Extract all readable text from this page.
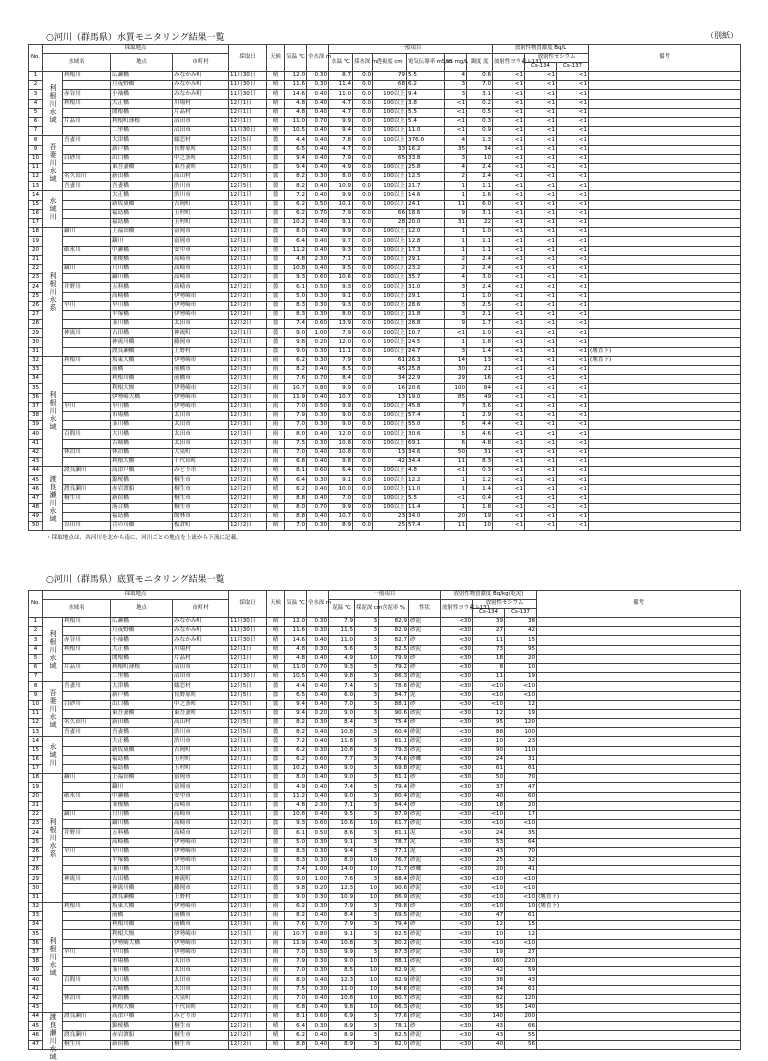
（別紙）
○河川（群馬県）水質モニタリング結果一覧
No.	採取地点				採取日	天候	気温 ℃	全水深 m	一般項目						放射性物質濃度 Bq/L			備考
	水域名		地点	市町村					水温 ℃	採水深 m	透視度 cm	電気伝導率 mS/m	SS mg/L	濁度 度	放射性ヨウ素 I-131	放射性セシウム		
																Cs-134	Cs-137	
1	利根川水域	利根川	広瀬橋	みなかみ町	11月30日	晴	12.0	0.30	8.7	0.0	79	5.5	4	0.6	<1	<1	<1	
2			月夜野橋	みなかみ町	11月30日	晴	11.6	0.30	11.4	0.0	68	6.2	3	7.0	<1	<1	<1	
3		赤谷川	小袖橋	みなかみ町	11月30日	晴	14.6	0.40	11.0	0.0	100以上	9.4	3	3.1	<1	<1	<1	
4		利根川	大正橋	川場村	12月1日	晴	4.8	0.40	4.7	0.0	100以上	3.8	<1	0.2	<1	<1	<1	
5			関根橋	片品村	12月1日	晴	4.8	0.40	4.7	0.0	100以上	5.5	<1	0.5	<1	<1	<1	
6		片品川	利根町薄根	沼田市	12月1日	晴	11.0	0.70	9.9	0.0	100以上	5.4	<1	0.3	<1	<1	<1	
7			二里橋	沼田市	11月30日	晴	10.5	0.40	9.4	0.0	100以上	11.0	<1	0.9	<1	<1	<1	
8	吾妻川水域	吾妻川	大津橋	嬬恋村	12月5日	曇	4.4	0.40	7.8	0.0	100以上	376.0	4	1.3	<1	<1	<1	
9			新戸橋	長野原町	12月5日	曇	6.5	0.40	4.7	0.0	33	16.2	35	34	<1	<1	<1	
10		白砂川	出口橋	中之条町	12月5日	曇	9.4	0.40	7.9	0.0	65	33.8	3	10	<1	<1	<1	
11			東吾妻橋	東吾妻町	12月5日	曇	9.4	0.40	4.9	0.0	100以上	25.8	4	2.4	<1	<1	<1	
12		名久田川	新田橋	高山村	12月5日	曇	8.2	0.30	8.0	0.0	100以上	12.5	2	2.4	<1	<1	<1	
13		吾妻川	吾妻橋	渋川市	12月5日	曇	8.2	0.40	10.9	0.0	100以上	21.7	1	1.1	<1	<1	<1	
14	水域川		大正橋	渋川市	12月1日	曇	7.2	0.40	9.9	0.0	100以上	14.6	1	1.6	<1	<1	<1	
15			新坂東橋	吉岡町	12月1日	曇	6.2	0.50	10.1	0.0	100以上	24.1	11	6.0	<1	<1	<1	
16			福島橋	玉村町	12月1日	曇	6.2	0.70	7.9	0.0	66	18.6	9	3.1	<1	<1	<1	
17			福島橋	玉村町	12月1日	曇	10.2	0.40	9.1	0.0	28	20.0	31	22	<1	<1	<1	
18	利根川水系	鏑川	上福田橋	富岡市	12月1日	曇	8.0	0.40	9.9	0.0	100以上	12.0	1	1.0	<1	<1	<1	
19			鏑川	富岡市	12月1日	曇	6.4	0.40	9.7	0.0	100以上	12.8	1	1.1	<1	<1	<1	
20		碓氷川	中瀬橋	安中市	12月1日	曇	11.2	0.40	9.3	0.0	100以上	17.3	1	1.1	<1	<1	<1	
21			並榎橋	高崎市	12月1日	曇	4.8	2.30	7.1	0.0	100以上	29.1	2	2.4	<1	<1	<1	
22		鏑川	只川橋	高崎市	12月1日	曇	10.8	0.40	9.5	0.0	100以上	23.2	2	2.4	<1	<1	<1	
23			鏑川橋	高崎市	12月2日	曇	9.3	0.60	10.6	0.0	100以上	35.7	4	3.0	<1	<1	<1	
24		井野川	五料橋	高崎市	12月2日	曇	6.1	0.50	9.3	0.0	100以上	31.0	3	2.4	<1	<1	<1	
25			高崎橋	伊勢崎市	12月2日	曇	5.0	0.30	9.1	0.0	100以上	29.1	1	1.0	<1	<1	<1	
26		早川	早川橋	伊勢崎市	12月2日	曇	8.3	0.30	9.3	0.0	100以上	28.6	3	2.5	<1	<1	<1	
27			平塚橋	伊勢崎市	12月2日	曇	8.3	0.30	8.0	0.0	100以上	21.8	3	2.1	<1	<1	<1	
28			韮川橋	太田市	12月2日	曇	7.4	0.60	13.9	0.0	100以上	28.8	9	1.7	<1	<1	<1	
29		神流川	吉田橋	神流町	12月1日	曇	9.0	1.00	7.9	0.0	100以上	10.7	<1	1.0	<1	<1	<1	
30			神流川橋	藤岡市	12月1日	曇	9.8	0.20	12.0	0.0	100以上	24.5	1	1.8	<1	<1	<1	
31			渡良瀬橋	上野村	12月1日	曇	9.0	0.30	11.1	0.0	100以上	24.7	3	1.4	<1	<1	<1	(堰直下)
32	利根川水域	利根川	坂東大橋	伊勢崎市	12月3日	雨	6.2	0.30	7.9	0.0	61	26.3	14	13	<1	<1	<1	(堰直下)
33			前橋	前橋市	12月3日	雨	8.2	0.40	8.5	0.0	45	25.8	30	21	<1	<1	<1	
34			利根川橋	前橋市	12月3日	雨	7.6	0.70	8.4	0.0	34	22.9	29	16	<1	<1	<1	
35			利根大堰	伊勢崎市	12月3日	雨	10.7	0.80	9.9	0.0	16	20.6	100	84	<1	<1	<1	
36			伊勢崎大橋	伊勢崎市	12月3日	雨	11.9	0.40	10.7	0.0	13	19.0	85	49	<1	<1	<1	
37		早川	早川橋	伊勢崎市	12月3日	雨	7.0	0.50	9.9	0.0	100以上	45.8	7	3.6	<1	<1	<1	
38			市場橋	太田市	12月3日	雨	7.9	0.30	9.0	0.0	100以上	57.4	1	2.9	<1	<1	<1	
39			韮川橋	太田市	12月3日	雨	7.0	0.30	9.0	0.0	100以上	55.0	5	4.4	<1	<1	<1	
40		百間川	大川橋	太田市	12月3日	雨	8.0	0.40	12.0	0.0	100以上	30.6	5	4.6	<1	<1	<1	
41			古城橋	太田市	12月3日	雨	7.5	0.30	10.8	0.0	100以上	69.1	6	4.8	<1	<1	<1	
42		休泊川	休泊橋	大泉町	12月2日	雨	7.0	0.40	10.8	0.0	13	34.6	50	31	<1	<1	<1	
43			利根大橋	千代田町	12月2日	雨	6.8	0.40	9.8	0.0	42	34.4	11	8.3	<1	<1	<1	
44	渡良瀬川水域	渡良瀬川	高津戸橋	みどり市	12月7日	晴	8.1	0.60	6.4	0.0	100以上	4.8	<1	0.3	<1	<1	<1	
45			錦桜橋	桐生市	12月2日	晴	6.4	0.30	9.1	0.0	100以上	12.2	1	1.2	<1	<1	<1	
46		渡良瀬川	赤岩渡船	桐生市	12月2日	晴	6.2	0.40	10.0	0.0	100以上	11.0	1	1.4	<1	<1	<1	
47		桐生川	新宿橋	桐生市	12月2日	晴	8.8	0.40	7.0	0.0	100以上	5.5	<1	0.4	<1	<1	<1	
48			落合橋	桐生市	12月2日	晴	8.0	0.70	9.9	0.0	100以上	11.4	1	1.8	<1	<1	<1	
49			福島橋	館林市	12月2日	晴	8.8	0.40	10.7	0.0	23	34.0	20	19	<1	<1	<1	
50		谷田川	合の川橋	板倉町	12月2日	晴	7.0	0.30	8.9	0.0	25	57.4	11	10	<1	<1	<1	
・採取地点は、各河川を北から南に、河川ごとの地点を上流から下流に記載。
○河川（群馬県）底質モニタリング結果一覧
No.	採取地点				採取日	天候	気温 ℃	全水深 m	一般項目				放射性物質濃度 Bq/kg(乾泥)			備考
	水域名		地点	市町村					泥温 ℃	採泥深 cm	含泥率 %	性状	放射性ヨウ素 I-131	放射性セシウム		
														Cs-134	Cs-137	
1	利根川水域	利根川	広瀬橋	みなかみ町	11月30日	晴	12.0	0.30	7.9	3	82.9	砂泥	<30	39	38	
2			月夜野橋	みなかみ町	11月30日	晴	11.6	0.30	11.5	3	82.9	砂泥	<30	27	42	
3		赤谷川	小袖橋	みなかみ町	11月30日	晴	14.6	0.40	11.0	3	82.7	砂	<30	11	15	
4		利根川	大正橋	川場村	12月1日	晴	4.8	0.30	5.6	3	82.5	砂泥	<30	73	95	
5			関根橋	片品村	12月1日	晴	4.8	0.40	4.9	10	79.9	砂	<30	18	20	
6		片品川	利根町薄根	沼田市	12月1日	晴	11.0	0.70	9.3	3	79.2	砂	<30	8	10	
7			二里橋	沼田市	11月30日	晴	10.5	0.40	9.8	3	86.3	砂泥	<30	11	19	
8	吾妻川水域	吾妻川	大津橋	嬬恋村	12月5日	曇	4.4	0.40	7.4	3	78.6	砂泥	<30	<10	<10	
9			新戸橋	長野原町	12月5日	曇	6.5	0.40	6.0	3	84.7	泥	<30	<10	<10	
10		白砂川	出口橋	中之条町	12月5日	曇	9.4	0.40	7.0	3	88.1	砂	<30	<10	12	
11			東吾妻橋	東吾妻町	12月5日	曇	9.4	0.20	9.0	3	90.6	砂泥	<30	12	19	
12		名久田川	新田橋	高山村	12月5日	曇	8.2	0.30	8.4	3	75.4	砂	<30	95	120	
13		吾妻川	吾妻橋	渋川市	12月5日	曇	8.2	0.40	10.8	3	60.4	砂泥	<30	88	100	
14	水域川		大正橋	渋川市	12月1日	曇	7.2	0.40	11.8	3	81.1	砂泥	<30	10	23	
15			新坂東橋	吉岡町	12月1日	曇	6.2	0.30	10.8	3	79.3	砂泥	<30	90	110	
16			福島橋	玉村町	12月1日	曇	6.2	0.60	7.7	3	74.6	砂礫	<30	24	31	
17			福島橋	玉村町	12月1日	曇	10.2	0.40	9.0	3	69.8	砂泥	<30	61	61	
18	利根川水系	鏑川	上福田橋	富岡市	12月1日	曇	8.0	0.40	9.0	3	81.1	砂	<30	50	70	
19			鏑川	富岡市	12月2日	曇	4.9	0.40	7.4	3	79.4	砂	<30	37	47	
20		碓氷川	中瀬橋	安中市	12月1日	曇	11.2	0.40	9.0	3	80.4	砂泥	<30	40	60	
21			並榎橋	高崎市	12月1日	曇	4.8	2.30	7.1	3	84.4	砂	<30	18	20	
22		鏑川	只川橋	高崎市	12月1日	曇	10.8	0.40	9.5	3	87.9	砂泥	<30	<10	17	
23			鏑川橋	高崎市	12月2日	曇	9.3	0.60	10.6	10	61.7	砂泥	<30	<10	<10	
24		井野川	五料橋	高崎市	12月2日	曇	6.1	0.50	8.6	3	81.1	泥	<30	24	35	
25			高崎橋	伊勢崎市	12月2日	曇	5.0	0.30	9.1	3	78.7	泥	<30	53	64	
26		早川	早川橋	伊勢崎市	12月2日	曇	8.3	0.30	9.4	3	77.1	泥	<30	43	70	
27			平塚橋	伊勢崎市	12月2日	曇	8.3	0.30	8.0	10	76.7	砂泥	<30	25	32	
28			韮川橋	太田市	12月2日	曇	7.4	1.00	14.0	10	71.7	砂礫	<30	20	41	
29		神流川	吉田橋	神流町	12月1日	曇	9.0	1.00	7.6	3	88.4	砂泥	<30	<10	<10	
30			神流川橋	藤岡市	12月1日	曇	9.8	0.20	12.3	10	90.6	砂泥	<30	<10	<10	
31			渡良瀬橋	上野村	12月1日	曇	9.0	0.30	10.9	10	86.9	砂泥	<30	<10	<10	(堰直下)
32	利根川水域	利根川	坂東大橋	伊勢崎市	12月3日	雨	6.2	0.30	7.9	3	79.8	砂	<30	<10	10	(堰直下)
33			前橋	前橋市	12月3日	雨	8.2	0.40	8.4	3	69.5	砂泥	<30	47	61	
34			利根川橋	前橋市	12月3日	雨	7.6	0.70	7.9	3	79.4	砂	<30	12	15	
35			利根大堰	伊勢崎市	12月3日	雨	10.7	0.80	9.1	3	82.5	砂泥	<30	10	12	
36			伊勢崎大橋	伊勢崎市	12月3日	雨	11.9	0.40	10.8	3	80.2	砂泥	<30	<10	<10	
37		早川	早川橋	伊勢崎市	12月3日	雨	7.0	0.50	9.9	3	87.3	砂泥	<30	19	27	
38			市場橋	太田市	12月3日	雨	7.9	0.30	9.0	10	88.1	砂泥	<30	160	220	
39			韮川橋	太田市	12月3日	雨	7.0	0.30	8.5	10	82.9	泥	<30	42	59	
40		百間川	大川橋	太田市	12月3日	雨	8.0	0.40	12.3	10	82.9	砂泥	<30	38	43	
41			古城橋	太田市	12月3日	雨	7.5	0.30	11.0	10	84.6	砂泥	<30	34	61	
42		休泊川	休泊橋	大泉町	12月2日	雨	7.0	0.40	10.8	10	80.7	砂泥	<30	62	120	
43			利根大橋	千代田町	12月2日	雨	6.8	0.40	9.8	10	66.3	砂泥	<30	95	140	
44	渡良瀬川水域	渡良瀬川	高津戸橋	みどり市	12月7日	晴	8.1	0.60	6.9	3	77.6	砂泥	<30	140	200	
45			錦桜橋	桐生市	12月2日	晴	6.4	0.30	8.9	3	78.1	砂	<30	43	66	
46		渡良瀬川	赤岩渡船	桐生市	12月2日	晴	6.2	0.40	8.9	3	82.5	砂泥	<30	43	55	
47		桐生川	新宿橋	桐生市	12月2日	晴	8.8	0.40	8.9	3	82.0	砂泥	<30	40	56	
